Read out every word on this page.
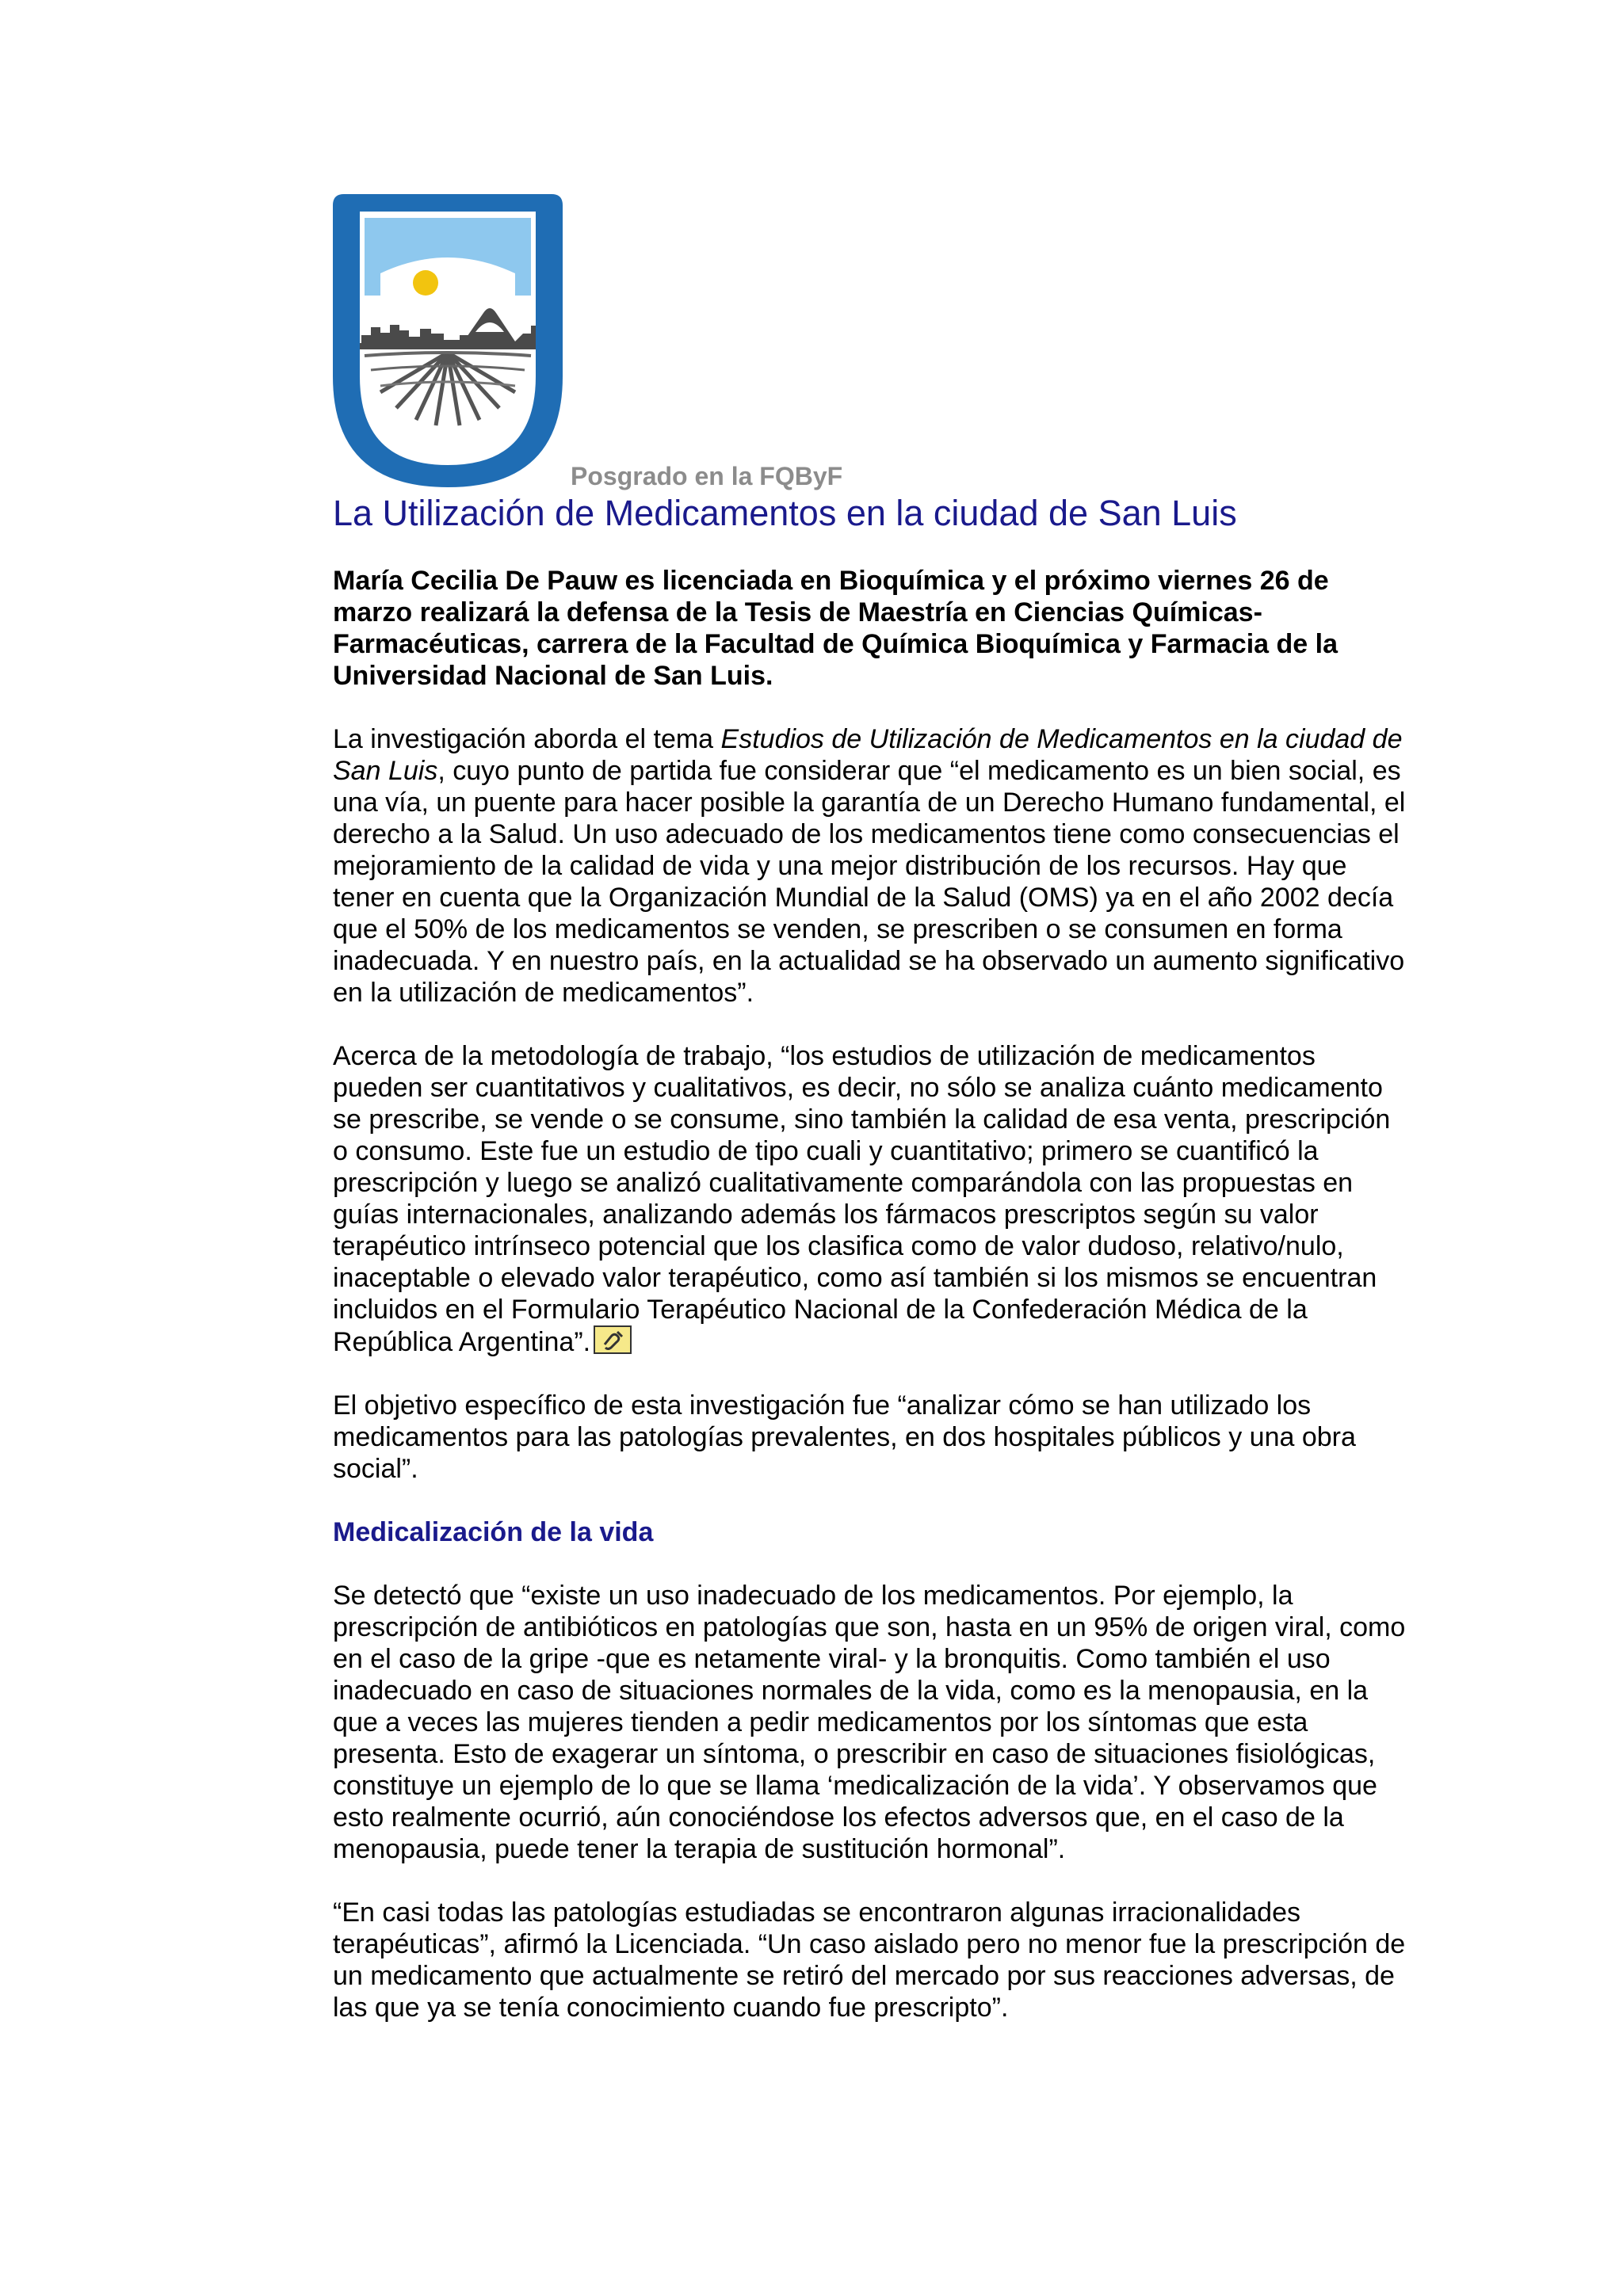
Posgrado en la FQByF

La Utilización de Medicamentos en la ciudad de San Luis

María Cecilia De Pauw es licenciada en Bioquímica y el próximo viernes 26 de marzo realizará la defensa de la Tesis de Maestría en Ciencias Químicas-Farmacéuticas, carrera de la Facultad de Química Bioquímica y Farmacia de la Universidad Nacional de San Luis.

La investigación aborda el tema Estudios de Utilización de Medicamentos en la ciudad de San Luis, cuyo punto de partida fue considerar que “el medicamento es un bien social, es una vía, un puente para hacer posible la garantía de un Derecho Humano fundamental, el derecho a la Salud. Un uso adecuado de los medicamentos tiene como consecuencias el mejoramiento de la calidad de vida y una mejor distribución de los recursos. Hay que tener en cuenta que la Organización Mundial de la Salud (OMS) ya en el año 2002 decía que el 50% de los medicamentos se venden, se prescriben o se consumen en forma inadecuada. Y en nuestro país, en la actualidad se ha observado un aumento significativo en la utilización de medicamentos”.

Acerca de la metodología de trabajo, “los estudios de utilización de medicamentos pueden ser cuantitativos y cualitativos, es decir, no sólo se analiza cuánto medicamento se prescribe, se vende o se consume, sino también la calidad de esa venta, prescripción o consumo. Este fue un estudio de tipo cuali y cuantitativo; primero se cuantificó la prescripción y luego se analizó cualitativamente comparándola con las propuestas en guías internacionales, analizando además los fármacos prescriptos según su valor terapéutico intrínseco potencial que los clasifica como de valor dudoso, relativo/nulo, inaceptable o elevado valor terapéutico, como así también si los mismos se encuentran incluidos en el Formulario Terapéutico Nacional de la Confederación Médica de la República Argentina”.

El objetivo específico de esta investigación fue “analizar cómo se han utilizado los medicamentos para las patologías prevalentes, en dos hospitales públicos y una obra social”.

Medicalización de la vida

Se detectó que “existe un uso inadecuado de los medicamentos. Por ejemplo, la prescripción de antibióticos en patologías que son, hasta en un 95% de origen viral, como en el caso de la gripe -que es netamente viral- y la bronquitis. Como también el uso inadecuado en caso de situaciones normales de la vida, como es la menopausia, en la que a veces las mujeres tienden a pedir medicamentos por los síntomas que esta presenta. Esto de exagerar un síntoma, o prescribir en caso de situaciones fisiológicas, constituye un ejemplo de lo que se llama ‘medicalización de la vida’. Y observamos que esto realmente ocurrió, aún conociéndose los efectos adversos que, en el caso de la menopausia, puede tener la terapia de sustitución hormonal”.

“En casi todas las patologías estudiadas se encontraron algunas irracionalidades terapéuticas”, afirmó la Licenciada. “Un caso aislado pero no menor fue la prescripción de un medicamento que actualmente se retiró del mercado por sus reacciones adversas, de las que ya se tenía conocimiento cuando fue prescripto”.
